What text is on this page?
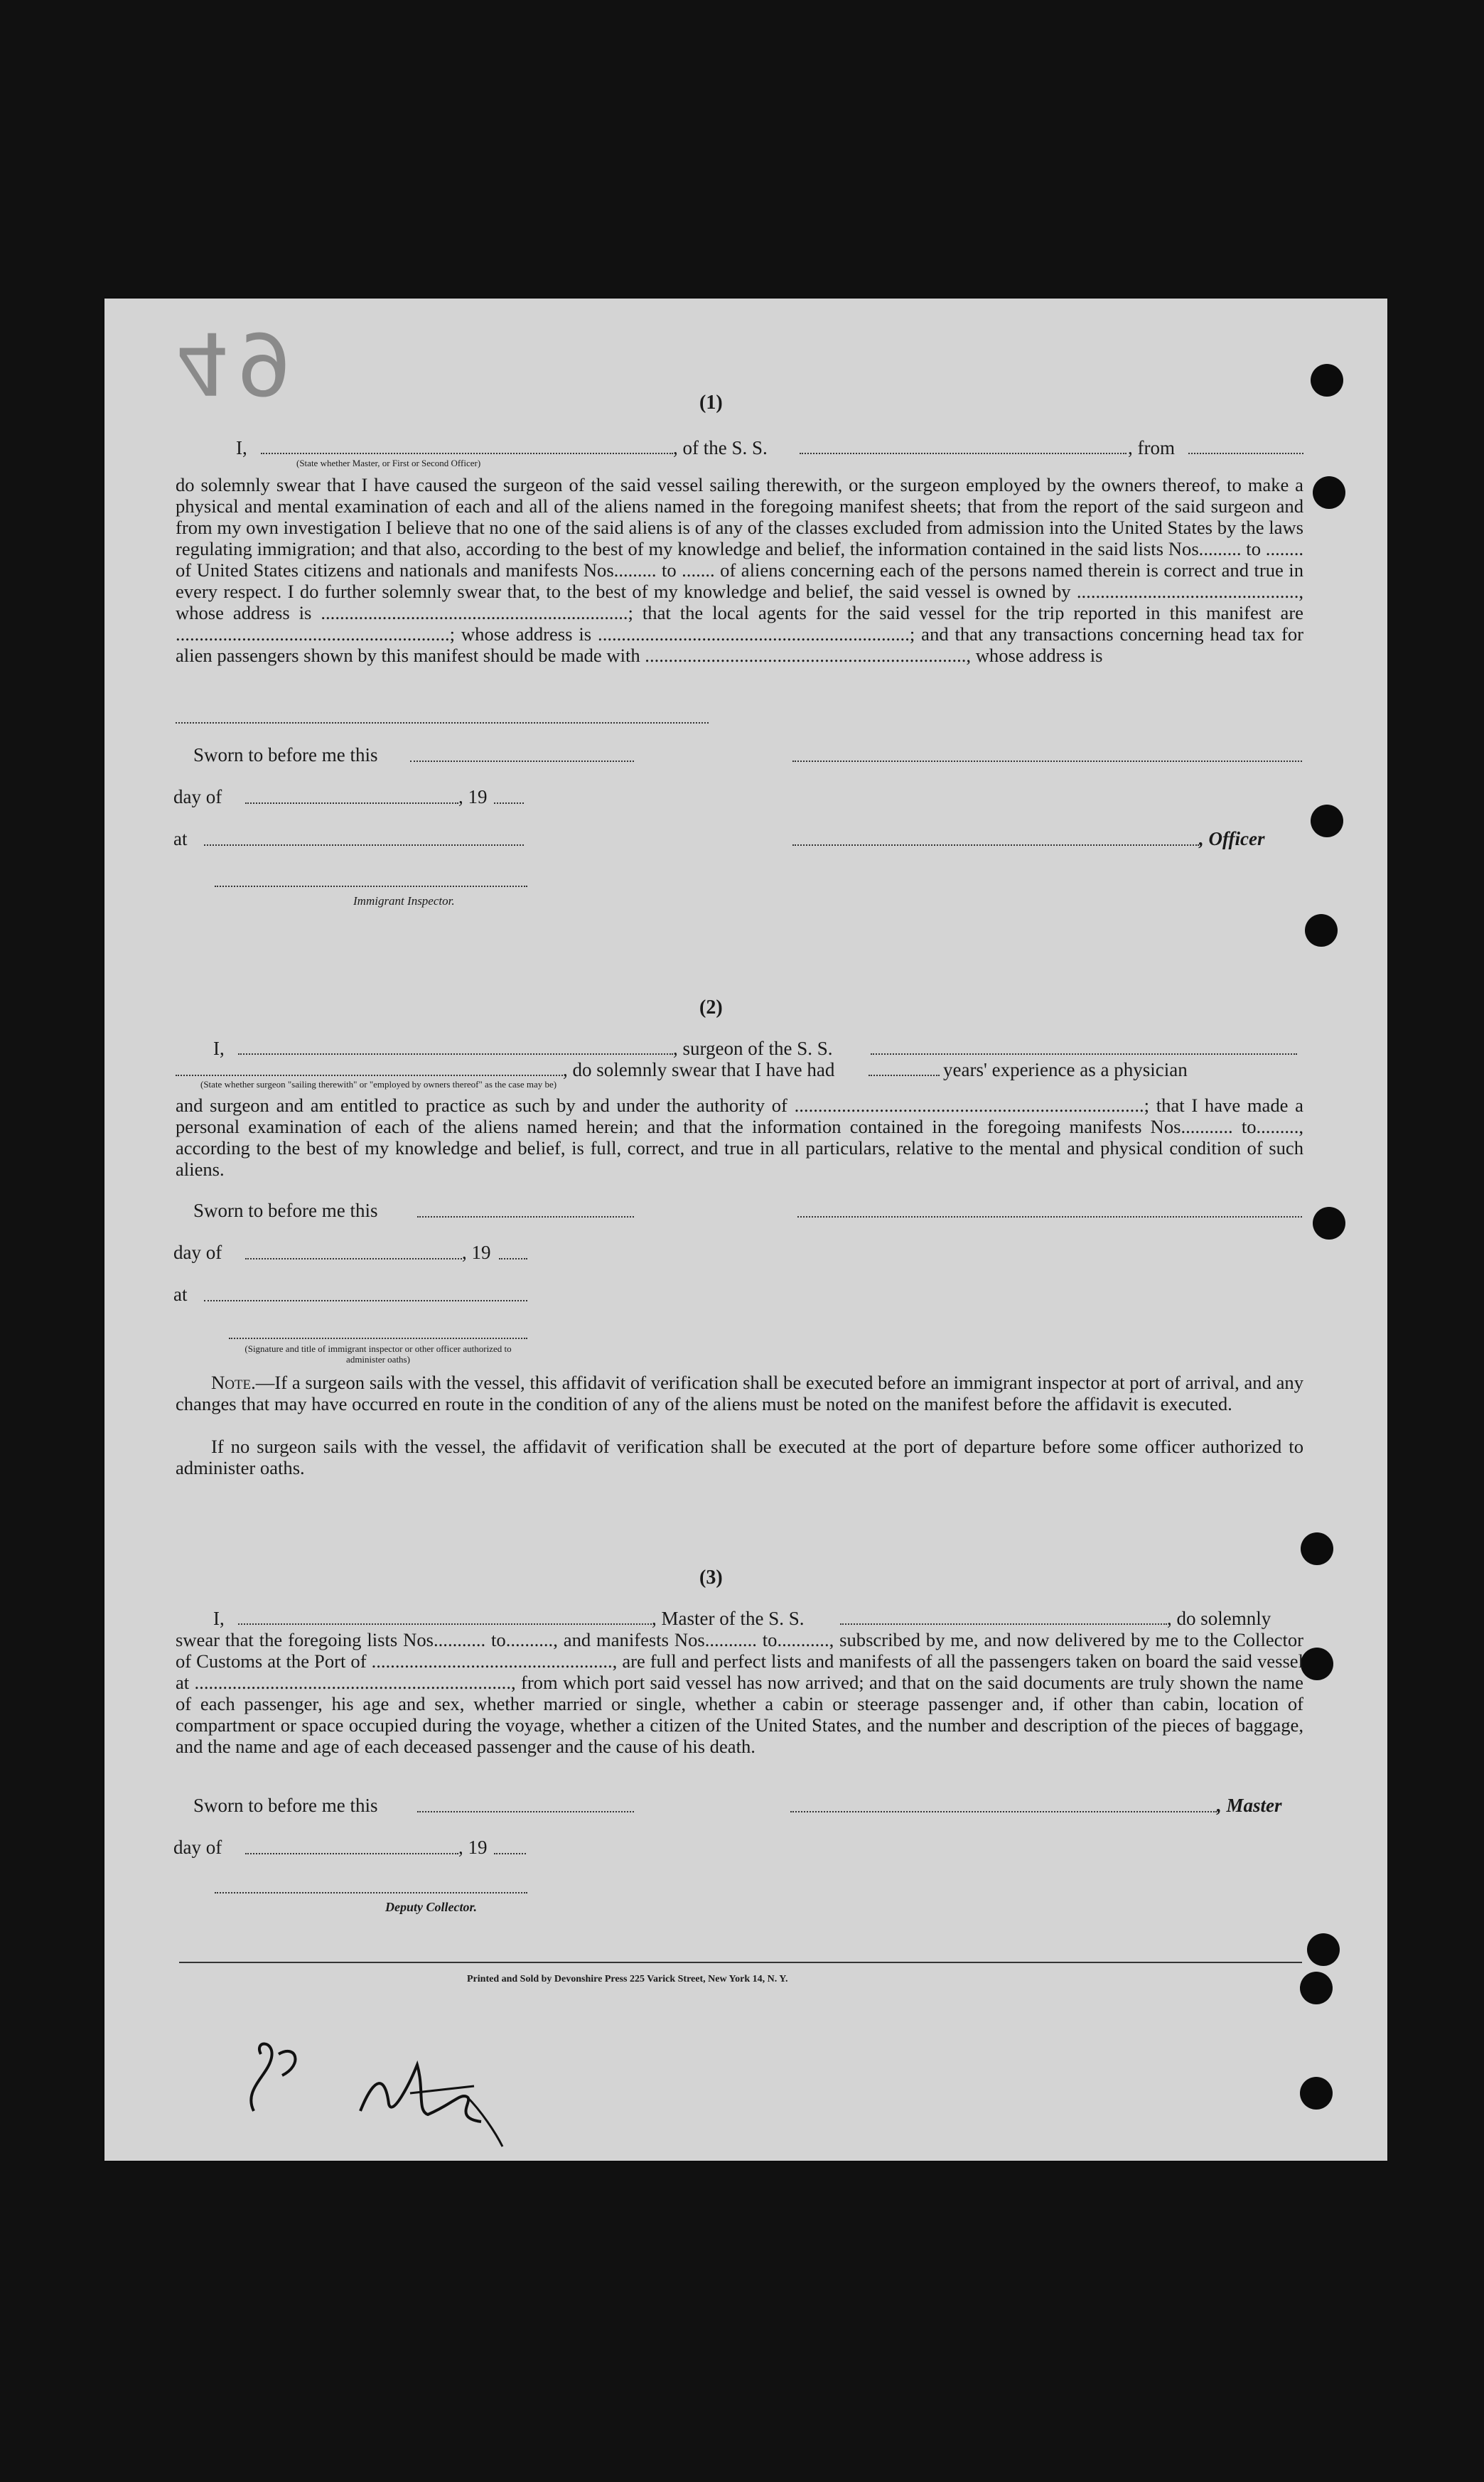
49	(1)
I,	, of the S. S.	, from
(State whether Master, or First or Second Officer)
do solemnly swear that I have caused the surgeon of the said vessel sailing therewith, or the surgeon employed by the owners thereof, to make a physical and mental examination of each and all of the aliens named in the foregoing manifest sheets; that from the report of the said surgeon and from my own investigation I believe that no one of the said aliens is of any of the classes excluded from admission into the United States by the laws regulating immigration; and that also, according to the best of my knowledge and belief, the information contained in the said lists Nos......... to ........ of United States citizens and nationals and manifests Nos......... to ....... of aliens concerning each of the persons named therein is correct and true in every respect. I do further solemnly swear that, to the best of my knowledge and belief, the said vessel is owned by ..............................................., whose address is .................................................................; that the local agents for the said vessel for the trip reported in this manifest are ..........................................................; whose address is ..................................................................; and that any transactions concerning head tax for alien passengers shown by this manifest should be made with ...................................................................., whose address is
Sworn to before me this
day of	, 19
at	, Officer
Immigrant Inspector.
(2)
I,	, surgeon of the S. S.
, do solemnly swear that I have had	years' experience as a physician
(State whether surgeon "sailing therewith" or "employed by owners thereof" as the case may be)
and surgeon and am entitled to practice as such by and under the authority of ..........................................................................; that I have made a personal examination of each of the aliens named herein; and that the information contained in the foregoing manifests Nos........... to........., according to the best of my knowledge and belief, is full, correct, and true in all particulars, relative to the mental and physical condition of such aliens.
Sworn to before me this
day of	, 19
at
(Signature and title of immigrant inspector or other officer authorized to administer oaths)
Note.—If a surgeon sails with the vessel, this affidavit of verification shall be executed before an immigrant inspector at port of arrival, and any changes that may have occurred en route in the condition of any of the aliens must be noted on the manifest before the affidavit is executed.
If no surgeon sails with the vessel, the affidavit of verification shall be executed at the port of departure before some officer authorized to administer oaths.
(3)
I,	, Master of the S. S.	, do solemnly
swear that the foregoing lists Nos........... to.........., and manifests Nos........... to..........., subscribed by me, and now delivered by me to the Collector of Customs at the Port of ..................................................., are full and perfect lists and manifests of all the passengers taken on board the said vessel at ..................................................................., from which port said vessel has now arrived; and that on the said documents are truly shown the name of each passenger, his age and sex, whether married or single, whether a cabin or steerage passenger and, if other than cabin, location of compartment or space occupied during the voyage, whether a citizen of the United States, and the number and description of the pieces of baggage, and the name and age of each deceased passenger and the cause of his death.
Sworn to before me this	, Master
day of	, 19
Deputy Collector.
Printed and Sold by Devonshire Press 225 Varick Street, New York 14, N. Y.
